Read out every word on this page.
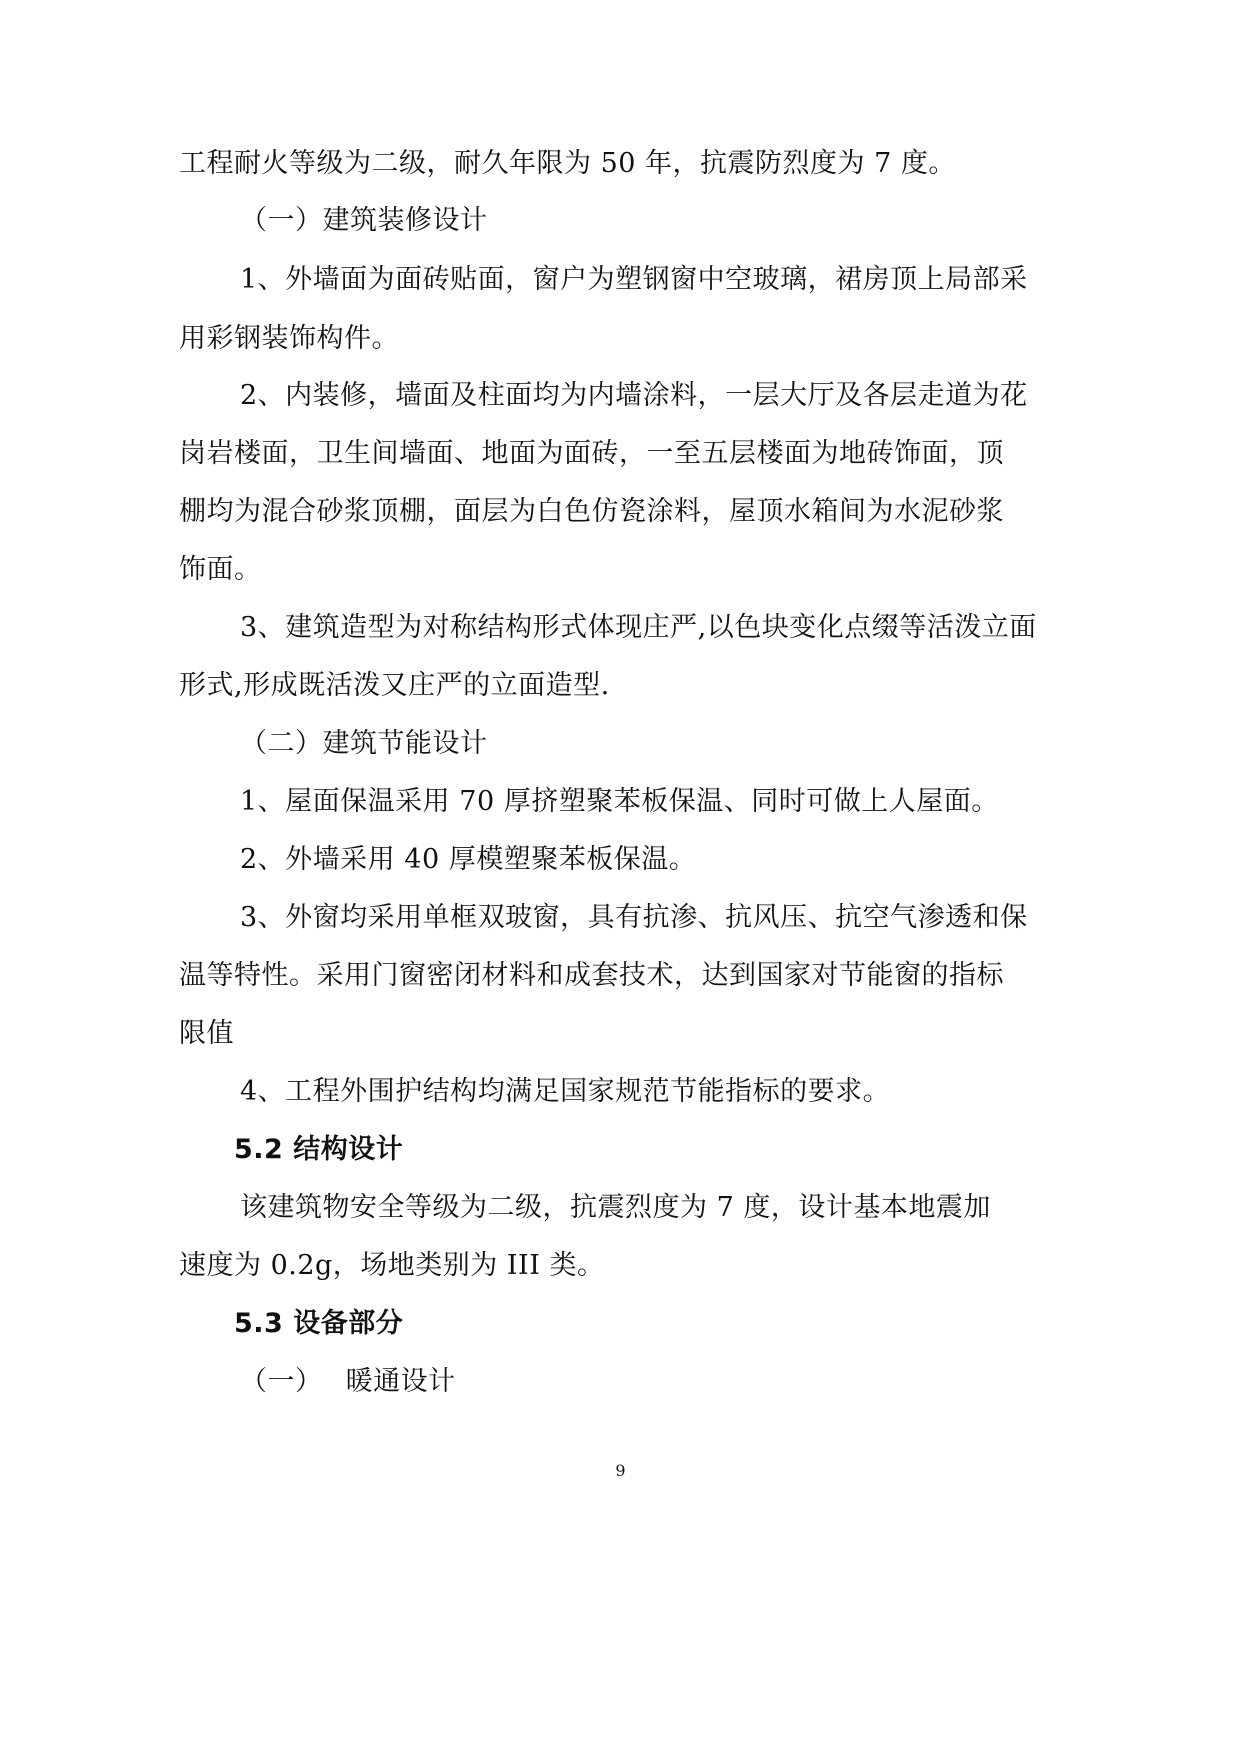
工程耐火等级为二级，耐久年限为 50 年，抗震防烈度为 7 度。
（一）建筑装修设计
1、外墙面为面砖贴面，窗户为塑钢窗中空玻璃，裙房顶上局部采
用彩钢装饰构件。
2、内装修，墙面及柱面均为内墙涂料，一层大厅及各层走道为花
岗岩楼面，卫生间墙面、地面为面砖，一至五层楼面为地砖饰面，顶
棚均为混合砂浆顶棚，面层为白色仿瓷涂料，屋顶水箱间为水泥砂浆
饰面。
3、建筑造型为对称结构形式体现庄严,以色块变化点缀等活泼立面
形式,形成既活泼又庄严的立面造型.
（二）建筑节能设计
1、屋面保温采用 70 厚挤塑聚苯板保温、同时可做上人屋面。
2、外墙采用 40 厚模塑聚苯板保温。
3、外窗均采用单框双玻窗，具有抗渗、抗风压、抗空气渗透和保
温等特性。采用门窗密闭材料和成套技术，达到国家对节能窗的指标
限值
4、工程外围护结构均满足国家规范节能指标的要求。
5.2 结构设计
该建筑物安全等级为二级，抗震烈度为 7 度，设计基本地震加
速度为 0.2g，场地类别为 III 类。
5.3 设备部分
（一）　 暖通设计
9
